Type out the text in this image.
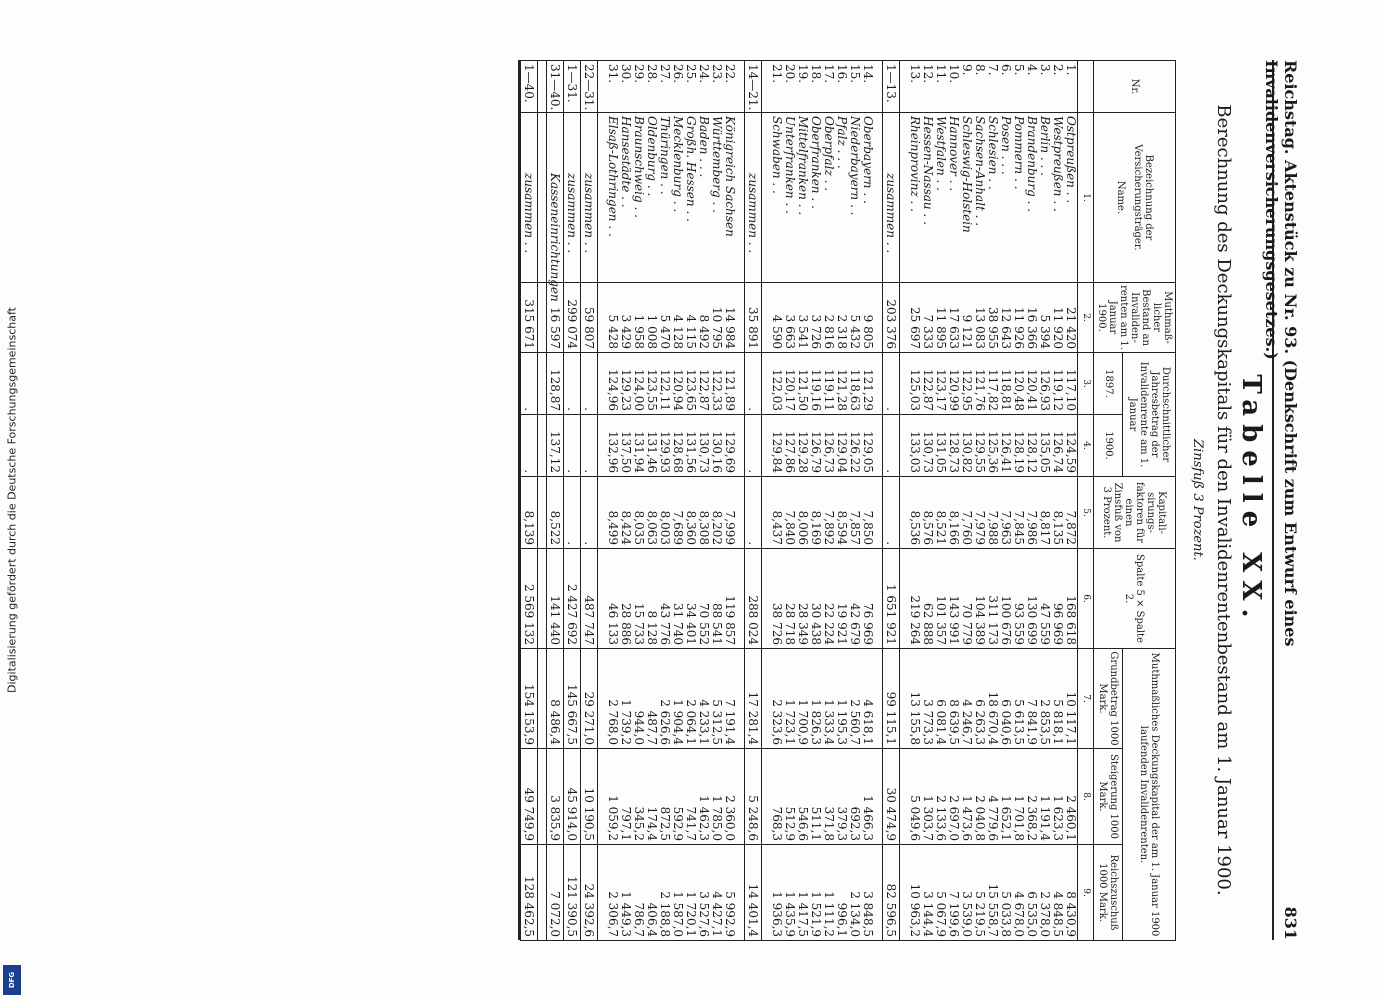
Digitalisierung gefördert durch die Deutsche Forschungsgemeinschaft
DFG
Reichstag. Aktenstück zu Nr. 93. (Denkschrift zum Entwurf eines Invalidenversicherungsgesetzes.)
831
Tabelle XX.
Berechnung des Deckungskapitals für den Invalidenrentenbestand am 1. Januar 1900.
Zinsfuß 3 Prozent.
Nr.	Bezeichnung der Versicherungsträger.
Name.	Muthmaß-licher Bestand an Invaliden-renten am 1. Januar 1900.	Durchschnittlicher Jahresbetrag der Invalidenrente am 1. Januar		Kapitali-sirungs-faktoren für einen Zinsfuß von 3 Prozent.	Spalte 5 × Spalte 2.	Muthmaßliches Deckungskapital der am 1. Januar 1900 laufenden Invalidenrenten.		
			1897.	1900.			Grundbetrag 1000 Mark.	Steigerung 1000 Mark.	Reichszuschuß 1000 Mark.
	1.	2.	3.	4.	5.	6.	7.	8.	9.
1.	Ostpreußen . .	21 420	117,10	124,59	7,872	168 618	10 117,1	2 460,1	8 430,9
2.	Westpreußen . .	11 920	119,12	126,74	8,135	96 969	5 818,1	1 623,3	4 848,5
3.	Berlin . . .	5 394	126,93	135,05	8,817	47 559	2 853,5	1 191,4	2 378,0
4.	Brandenburg . .	16 366	120,41	128,12	7,986	130 699	7 841,9	2 368,2	6 535,0
5.	Pommern . .	11 926	120,48	128,19	7,845	93 559	5 613,5	1 701,8	4 678,0
6.	Posen . . .	12 643	118,81	126,41	7,963	100 676	6 040,6	1 652,1	5 033,8
7.	Schlesien . .	38 955	117,82	125,36	7,988	311 173	18 670,4	4 779,6	15 558,7
8.	Sachsen-Anhalt . .	13 083	121,76	129,55	7,979	104 389	6 263,3	2 040,8	5 219,5
9.	Schleswig-Holstein	9 121	122,95	130,82	7,760	70 779	4 246,7	1 473,6	3 539,0
10.	Hannover . .	17 633	120,99	128,73	8,166	143 991	8 639,5	2 697,0	7 199,6
11.	Westfalen . .	11 895	123,17	131,05	8,521	101 357	6 081,4	2 133,6	5 067,9
12.	Hessen-Nassau . .	7 333	122,87	130,73	8,576	62 888	3 773,3	1 303,7	3 144,4
13.	Rheinprovinz . .	25 697	125,03	133,03	8,536	219 264	13 155,8	5 049,6	10 963,2

1—13.	zusammen . .	203 376	.	.	.	1 651 921	99 115,1	30 474,9	82 596,5

14.	Oberbayern . .	9 805	121,29	129,05	7,850	76 969	4 618,1	1 466,3	3 848,5
15.	Niederbayern . .	5 432	118,63	126,22	7,857	42 679	2 560,7	692,3	2 134,0
16.	Pfalz . . .	2 318	121,28	129,04	8,594	19 921	1 195,3	379,3	996,1
17.	Oberpfalz . .	2 816	119,11	126,73	7,892	22 224	1 333,4	371,8	1 111,2
18.	Oberfranken . .	3 726	119,16	126,79	8,169	30 438	1 826,3	511,1	1 521,9
19.	Mittelfranken . .	3 541	121,50	129,28	8,006	28 349	1 700,9	546,6	1 417,5
20.	Unterfranken . .	3 663	120,17	127,86	7,840	28 718	1 723,1	512,9	1 435,9
21.	Schwaben . .	4 590	122,03	129,84	8,437	38 726	2 323,6	768,3	1 936,3

14—21.	zusammen . .	35 891	.	.	.	288 024	17 281,4	5 248,6	14 401,4

22.	Königreich Sachsen	14 984	121,89	129,69	7,999	119 857	7 191,4	2 360,0	5 992,9
23.	Württemberg . .	10 795	122,33	130,16	8,202	88 541	5 312,5	1 785,0	4 427,1
24.	Baden . . .	8 492	122,87	130,73	8,308	70 552	4 233,1	1 462,3	3 527,6
25.	Großh. Hessen . .	4 115	123,65	131,56	8,360	34 401	2 064,1	741,7	1 720,1
26.	Mecklenburg . .	4 128	120,94	128,68	7,689	31 740	1 904,4	592,9	1 587,0
27.	Thüringen . .	5 470	122,11	129,93	8,003	43 776	2 626,6	872,5	2 188,8
28.	Oldenburg . .	1 008	123,55	131,46	8,063	8 128	487,7	174,4	406,4
29.	Braunschweig . .	1 958	124,00	131,94	8,035	15 733	944,0	345,2	786,7
30.	Hansestädte . .	3 429	129,23	137,50	8,424	28 886	1 739,2	797,1	1 449,3
31.	Elsaß-Lothringen . .	5 428	124,96	132,96	8,499	46 133	2 768,0	1 059,2	2 306,7

22—31.	zusammen . .	59 807	.	.	.	487 747	29 271,0	10 190,5	24 392,6
1—31.	zusammen . .	299 074	.	.	.	2 427 692	145 667,5	45 914,0	121 390,5
31—40.	Kasseneinrichtungen	16 597	128,87	137,12	8,522	141 440	8 486,4	3 835,9	7 072,0

1—40.	zusammen . .	315 671	.	.	8,139	2 569 132	154 153,9	49 749,9	128 462,5
